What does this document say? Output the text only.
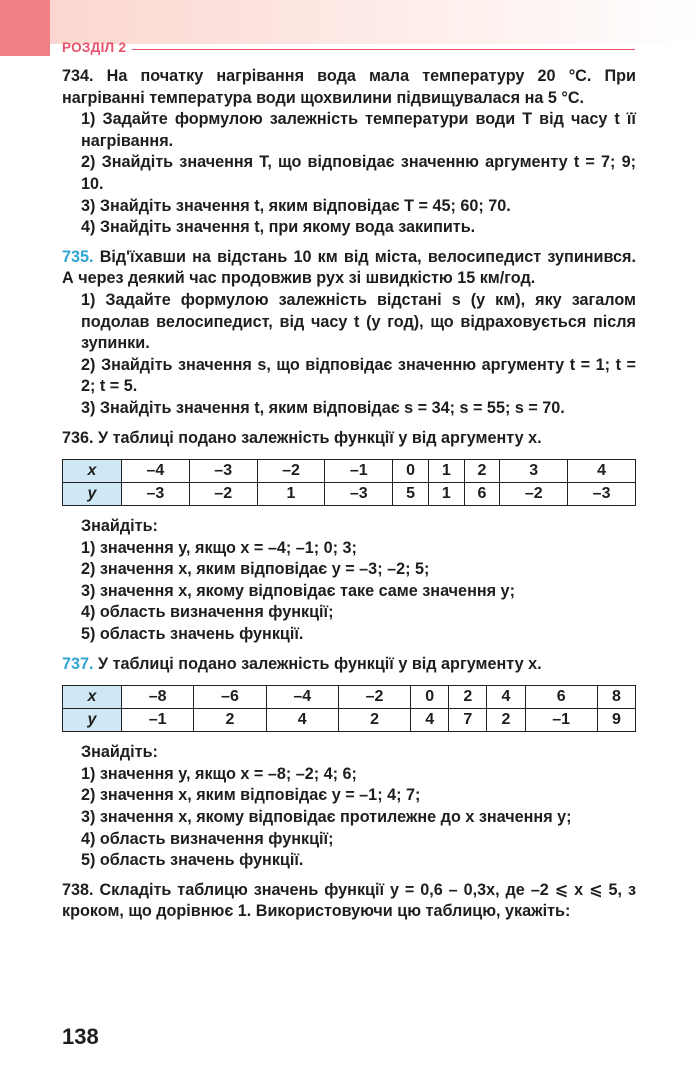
РОЗДІЛ 2

734. На початку нагрівання вода мала температуру 20 °С. При нагріванні температура води щохвилини підвищувалася на 5 °С.

1) Задайте формулою залежність температури води T від часу t її нагрівання.

2) Знайдіть значення T, що відповідає значенню аргументу t = 7; 9; 10.

3) Знайдіть значення t, яким відповідає T = 45; 60; 70.

4) Знайдіть значення t, при якому вода закипить.

735. Від'їхавши на відстань 10 км від міста, велосипедист зупинився. А через деякий час продовжив рух зі швидкістю 15 км/год.

1) Задайте формулою залежність відстані s (у км), яку загалом подолав велосипедист, від часу t (у год), що відраховується після зупинки.

2) Знайдіть значення s, що відповідає значенню аргументу t = 1; t = 2; t = 5.

3) Знайдіть значення t, яким відповідає s = 34; s = 55; s = 70.

736. У таблиці подано залежність функції y від аргументу x.

x	–4	–3	–2	–1	0	1	2	3	4
y	–3	–2	1	–3	5	1	6	–2	–3

Знайдіть:

1) значення y, якщо x = –4; –1; 0; 3;

2) значення x, яким відповідає y = –3; –2; 5;

3) значення x, якому відповідає таке саме значення y;

4) область визначення функції;

5) область значень функції.

737. У таблиці подано залежність функції y від аргументу x.

x	–8	–6	–4	–2	0	2	4	6	8
y	–1	2	4	2	4	7	2	–1	9

Знайдіть:

1) значення y, якщо x = –8; –2; 4; 6;

2) значення x, яким відповідає y = –1; 4; 7;

3) значення x, якому відповідає протилежне до x значення y;

4) область визначення функції;

5) область значень функції.

738. Складіть таблицю значень функції y = 0,6 – 0,3x, де –2 ⩽ x ⩽ 5, з кроком, що дорівнює 1. Використовуючи цю таблицю, укажіть:

138
